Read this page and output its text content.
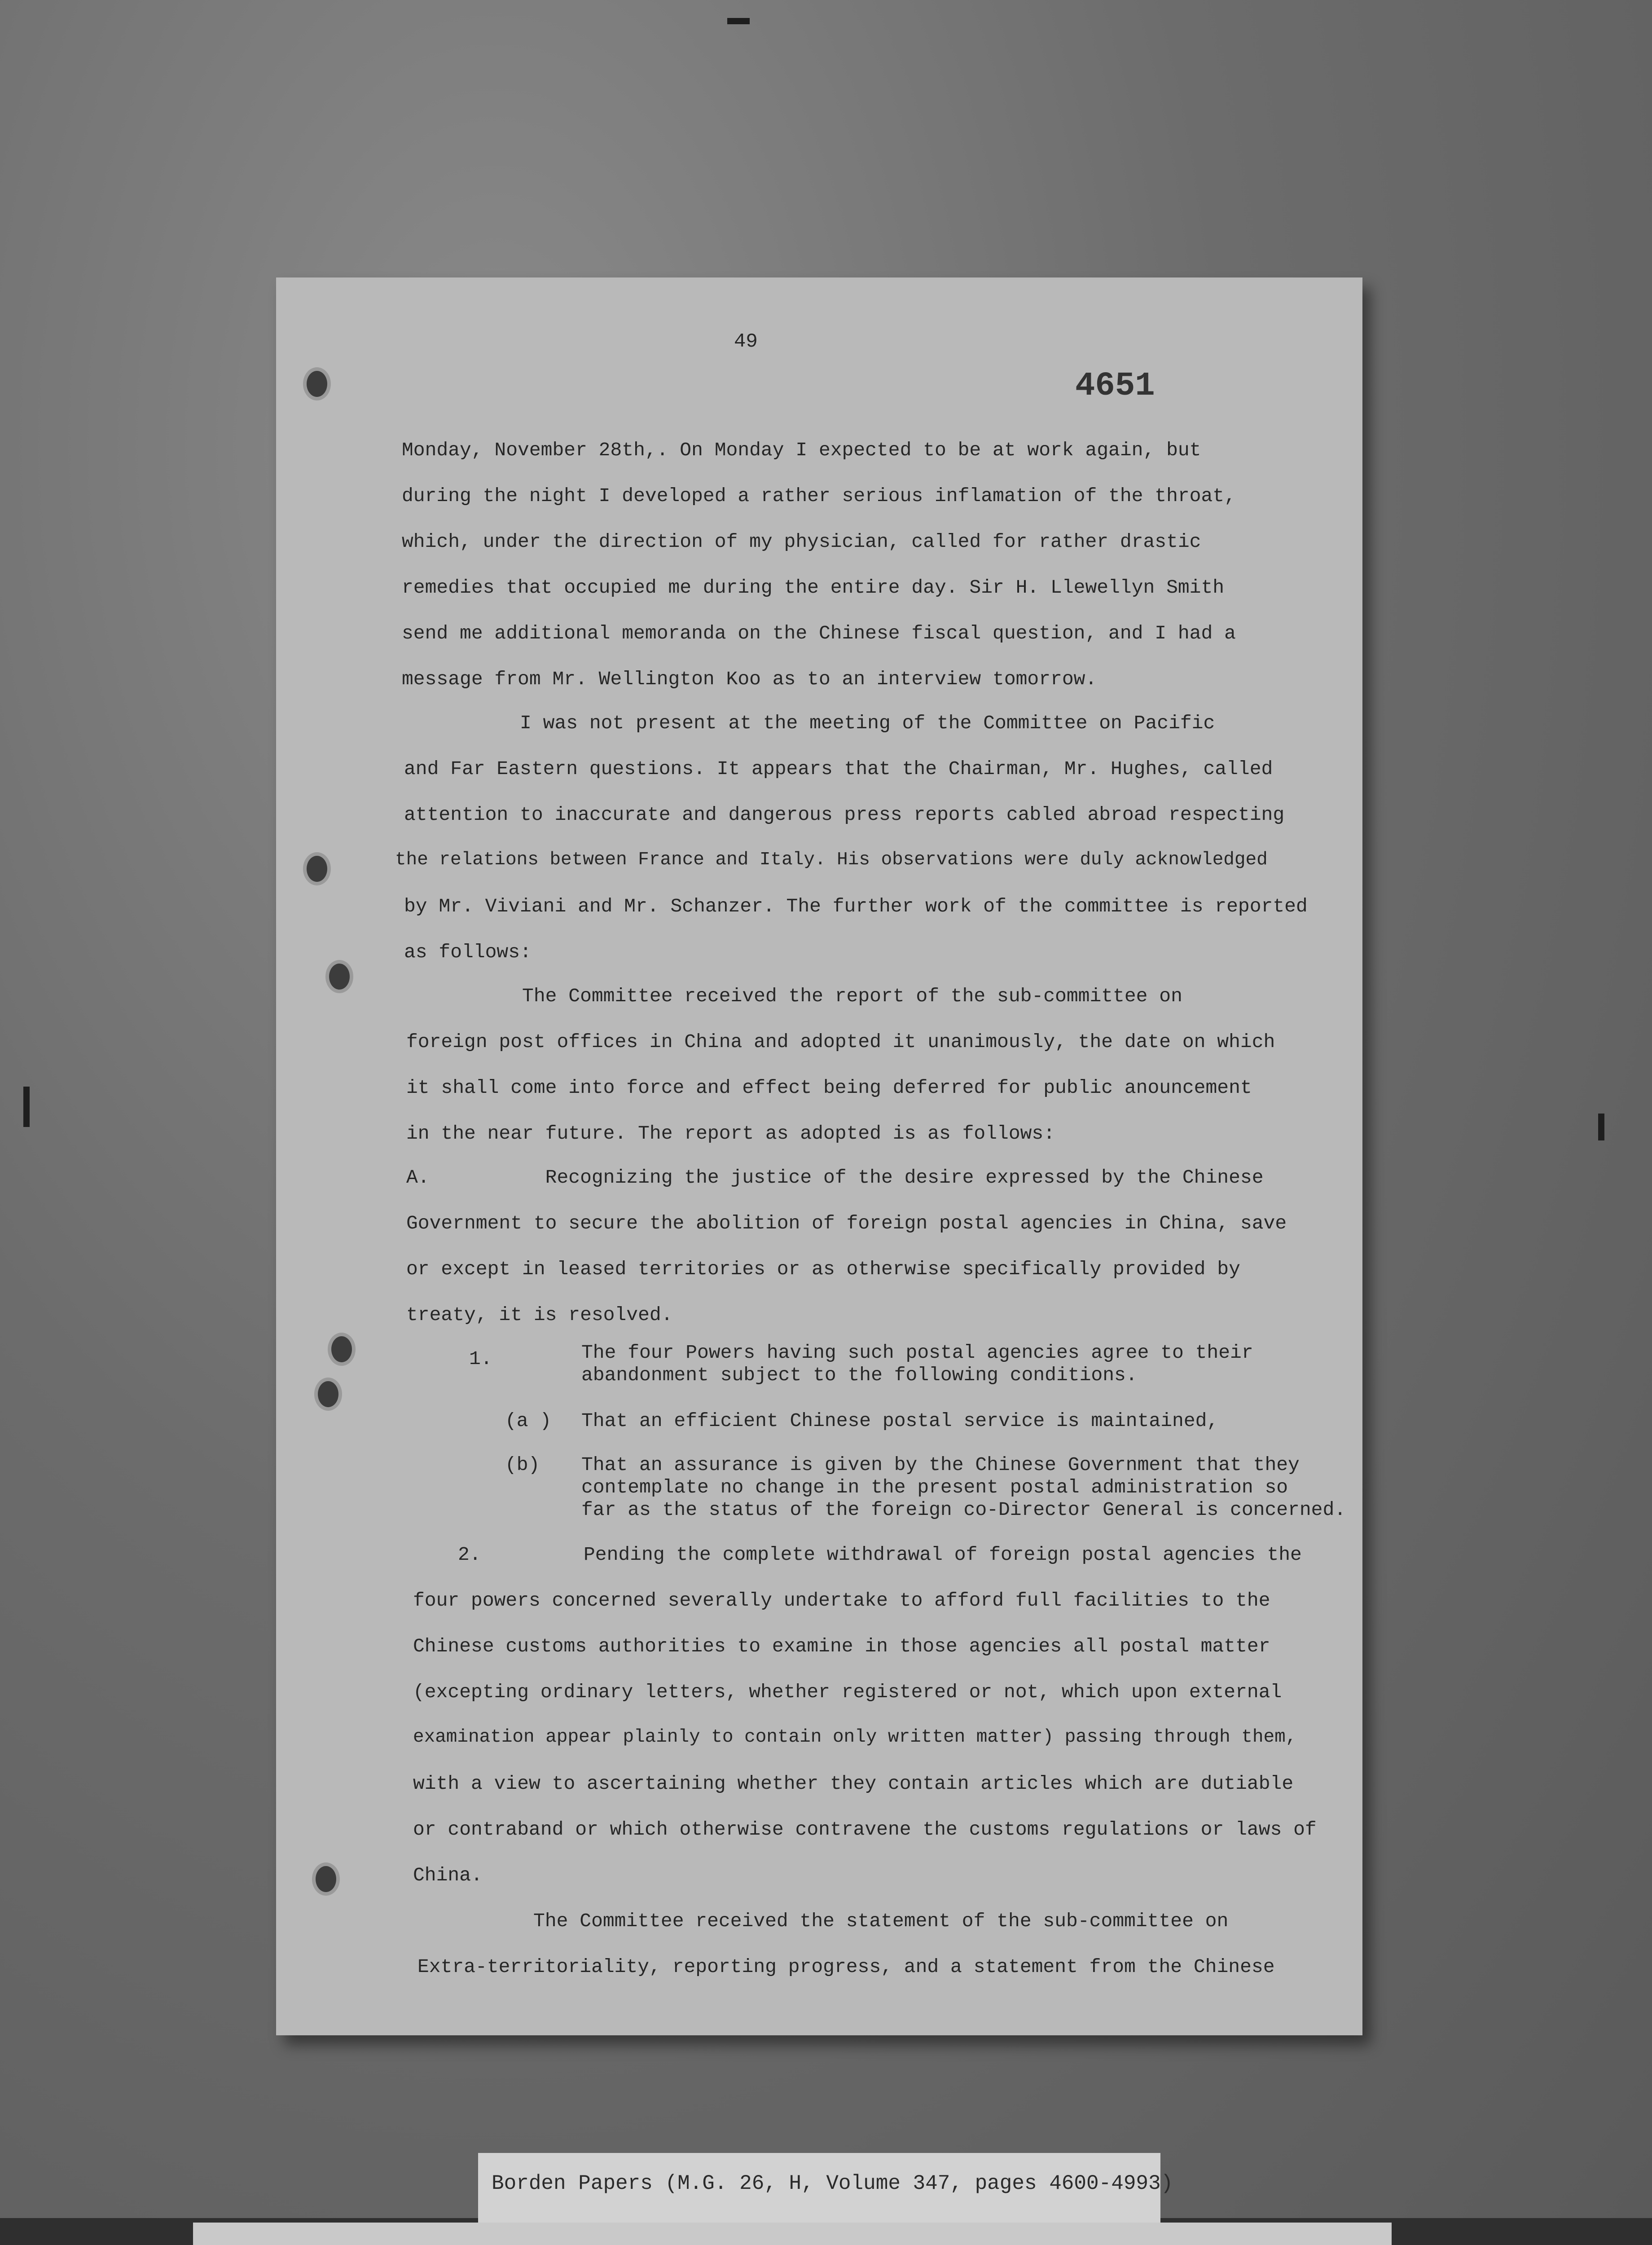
49
4651
Monday, November 28th,. On Monday I expected to be at work again, but
during the night I developed a rather serious inflamation of the throat,
which, under the direction of my physician, called for rather drastic
remedies that occupied me during the entire day. Sir H. Llewellyn Smith
send me additional memoranda on the Chinese fiscal question, and I had a
message from Mr. Wellington Koo as to an interview tomorrow.
I was not present at the meeting of the Committee on Pacific
and Far Eastern questions. It appears that the Chairman, Mr. Hughes, called
attention to inaccurate and dangerous press reports cabled abroad respecting
the relations between France and Italy. His observations were duly acknowledged
by Mr. Viviani and Mr. Schanzer. The further work of the committee is reported
as follows:
The Committee received the report of the sub-committee on
foreign post offices in China and adopted it unanimously, the date on which
it shall come into force and effect being deferred for public anouncement
in the near future. The report as adopted is as follows:
A.          Recognizing the justice of the desire expressed by the Chinese
Government to secure the abolition of foreign postal agencies in China, save
or except in leased territories or as otherwise specifically provided by
treaty, it is resolved.
1.	The four Powers having such postal agencies agree to their
abandonment subject to the following conditions.
(a ) That an efficient Chinese postal service is maintained,
(b) That an assurance is given by the Chinese Government that they
contemplate no change in the present postal administration so
far as the status of the foreign co-Director General is concerned.
2.	Pending the complete withdrawal of foreign postal agencies the
four powers concerned severally undertake to afford full facilities to the
Chinese customs authorities to examine in those agencies all postal matter
(excepting ordinary letters, whether registered or not, which upon external
examination appear plainly to contain only written matter) passing through them,
with a view to ascertaining whether they contain articles which are dutiable
or contraband or which otherwise contravene the customs regulations or laws of
China.
The Committee received the statement of the sub-committee on
Extra-territoriality, reporting progress, and a statement from the Chinese
Borden Papers (M.G. 26, H, Volume 347, pages 4600-4993)
